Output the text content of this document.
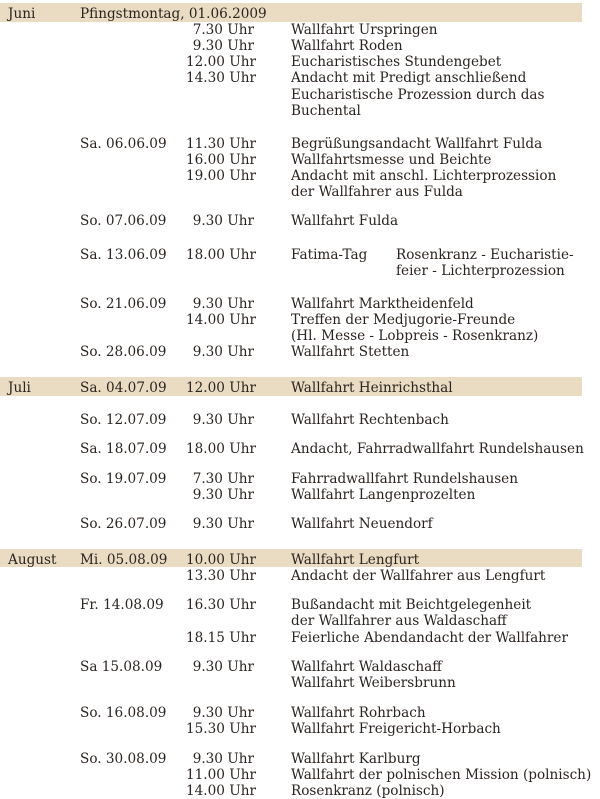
Juni	Pfingstmontag, 01.06.2009
7.30 Uhr	Wallfahrt Urspringen
9.30 Uhr	Wallfahrt Roden
12.00 Uhr	Eucharistisches Stundengebet
14.30 Uhr	Andacht mit Predigt anschließend
Eucharistische Prozession durch das
Buchental
Sa. 06.06.09 11.30 Uhr	Begrüßungsandacht Wallfahrt Fulda
16.00 Uhr	Wallfahrtsmesse und Beichte
19.00 Uhr	Andacht mit anschl. Lichterprozession
der Wallfahrer aus Fulda
So. 07.06.09	9.30 Uhr	Wallfahrt Fulda
Sa. 13.06.09 18.00 Uhr	Fatima-Tag Rosenkranz - Eucharistie-
feier - Lichterprozession
So. 21.06.09	9.30 Uhr	Wallfahrt Marktheidenfeld
14.00 Uhr	Treffen der Medjugorie-Freunde
(Hl. Messe - Lobpreis - Rosenkranz)
So. 28.06.09	9.30 Uhr	Wallfahrt Stetten
Juli	Sa. 04.07.09 12.00 Uhr	Wallfahrt Heinrichsthal
So. 12.07.09	9.30 Uhr	Wallfahrt Rechtenbach
Sa. 18.07.09 18.00 Uhr	Andacht, Fahrradwallfahrt Rundelshausen
So. 19.07.09	7.30 Uhr	Fahrradwallfahrt Rundelshausen
9.30 Uhr	Wallfahrt Langenprozelten
So. 26.07.09	9.30 Uhr	Wallfahrt Neuendorf
August Mi. 05.08.09 10.00 Uhr	Wallfahrt Lengfurt
13.30 Uhr	Andacht der Wallfahrer aus Lengfurt
Fr. 14.08.09 16.30 Uhr	Bußandacht mit Beichtgelegenheit
der Wallfahrer aus Waldaschaff
18.15 Uhr	Feierliche Abendandacht der Wallfahrer
Sa 15.08.09	9.30 Uhr	Wallfahrt Waldaschaff
Wallfahrt Weibersbrunn
So. 16.08.09	9.30 Uhr	Wallfahrt Rohrbach
15.30 Uhr	Wallfahrt Freigericht-Horbach
So. 30.08.09	9.30 Uhr	Wallfahrt Karlburg
11.00 Uhr	Wallfahrt der polnischen Mission (polnisch)
14.00 Uhr	Rosenkranz (polnisch)
